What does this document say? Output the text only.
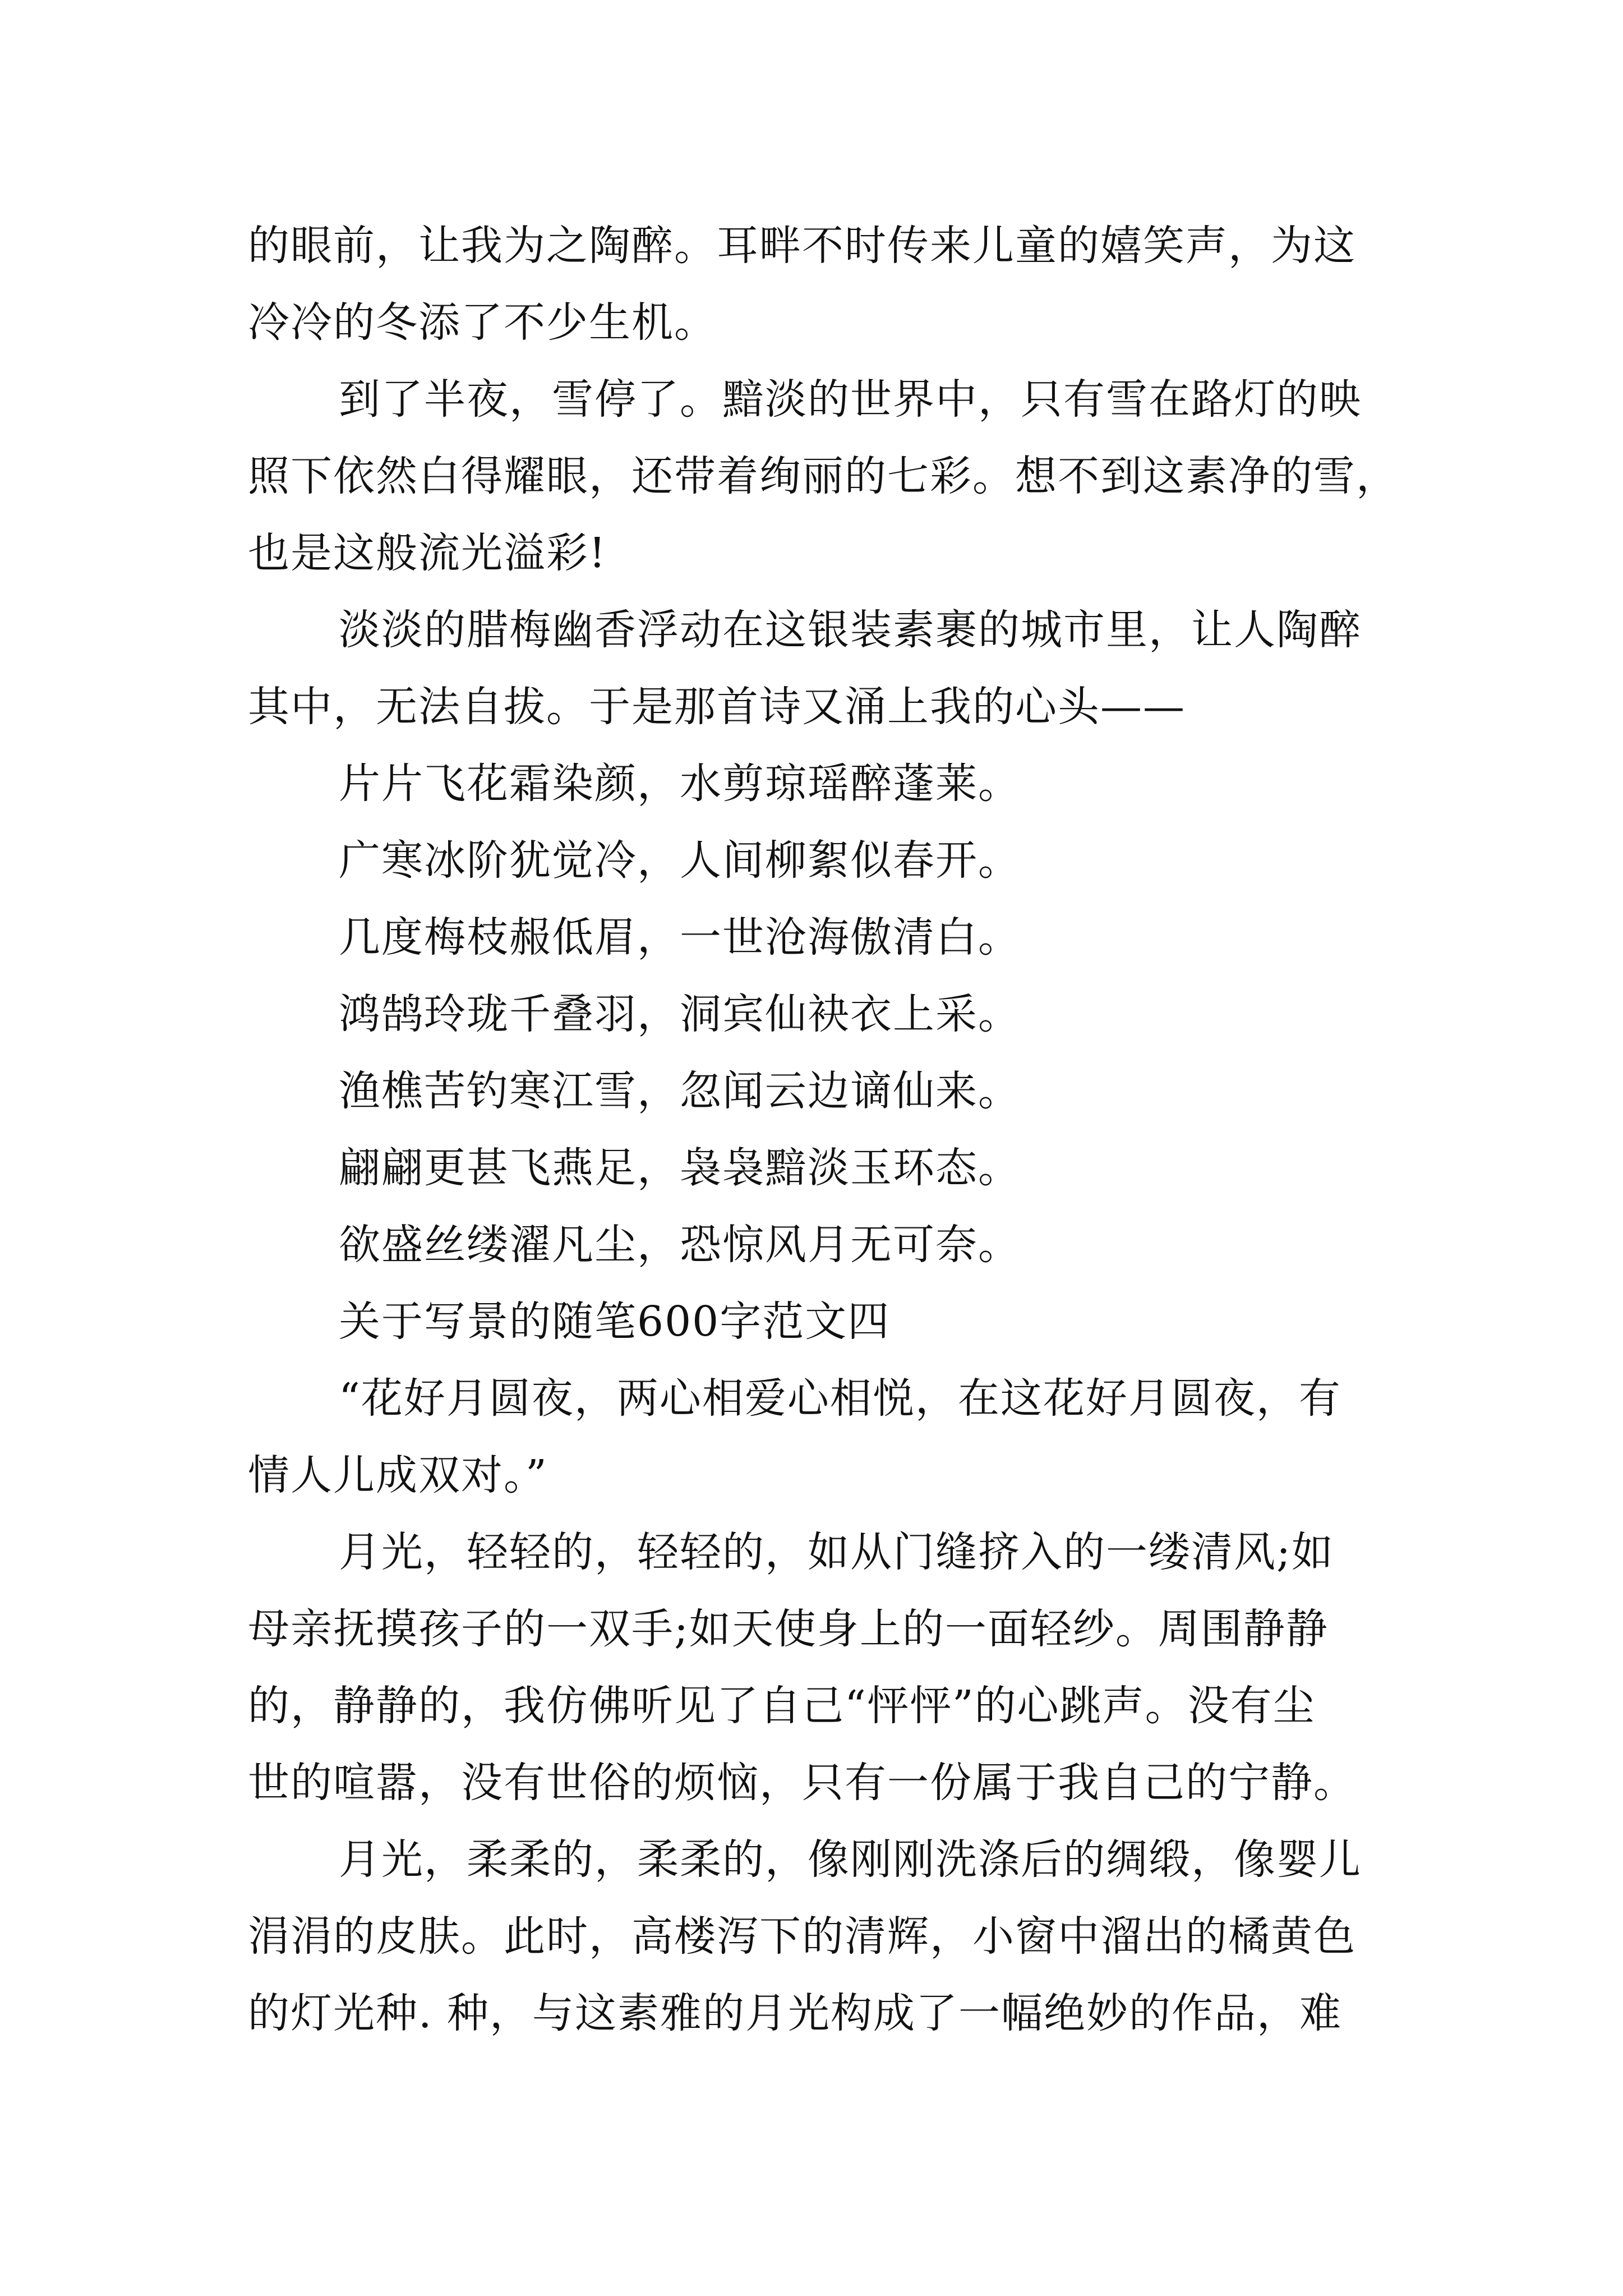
的眼前，让我为之陶醉。耳畔不时传来儿童的嬉笑声，为这
冷冷的冬添了不少生机。
到了半夜，雪停了。黯淡的世界中，只有雪在路灯的映
照下依然白得耀眼，还带着绚丽的七彩。想不到这素净的雪，
也是这般流光溢彩!
淡淡的腊梅幽香浮动在这银装素裹的城市里，让人陶醉
其中，无法自拔。于是那首诗又涌上我的心头——
片片飞花霜染颜，水剪琼瑶醉蓬莱。
广寒冰阶犹觉冷，人间柳絮似春开。
几度梅枝赧低眉，一世沧海傲清白。
鸿鹄玲珑千叠羽，洞宾仙袂衣上采。
渔樵苦钓寒江雪，忽闻云边谪仙来。
翩翩更甚飞燕足，袅袅黯淡玉环态。
欲盛丝缕濯凡尘，恐惊风月无可奈。
关于写景的随笔600字范文四
“花好月圆夜，两心相爱心相悦，在这花好月圆夜，有
情人儿成双对。”
月光，轻轻的，轻轻的，如从门缝挤入的一缕清风;如
母亲抚摸孩子的一双手;如天使身上的一面轻纱。周围静静
的，静静的，我仿佛听见了自己“怦怦”的心跳声。没有尘
世的喧嚣，没有世俗的烦恼，只有一份属于我自己的宁静。
月光，柔柔的，柔柔的，像刚刚洗涤后的绸缎，像婴儿
涓涓的皮肤。此时，高楼泻下的清辉，小窗中溜出的橘黄色
的灯光种. 种，与这素雅的月光构成了一幅绝妙的作品，难
